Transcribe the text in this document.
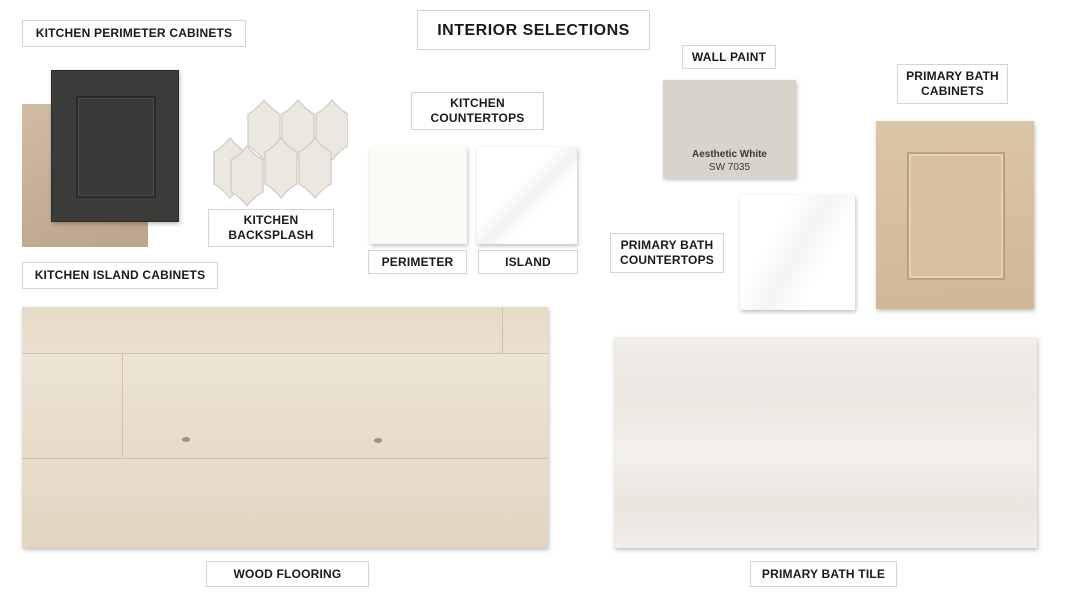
INTERIOR SELECTIONS
KITCHEN PERIMETER CABINETS
KITCHEN ISLAND CABINETS
KITCHEN
BACKSPLASH
KITCHEN
COUNTERTOPS
PERIMETER	ISLAND
WALL PAINT
Aesthetic White
SW 7035
PRIMARY BATH
COUNTERTOPS
PRIMARY BATH
CABINETS
WOOD FLOORING	PRIMARY BATH TILE
